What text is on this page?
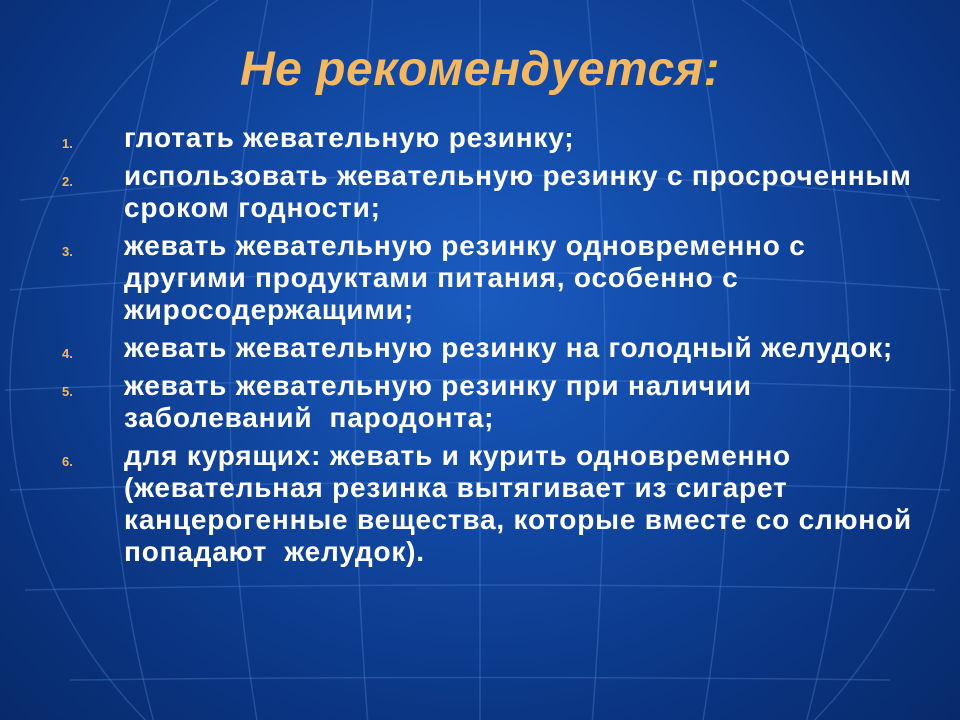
Не рекомендуется:
1.	глотать жевательную резинку;
2.	использовать жевательную резинку с просроченным  сроком годности;
3.	жевать жевательную резинку одновременно с другими продуктами питания, особенно с жиросодержащими;
4.	жевать жевательную резинку на голодный желудок;
5.	жевать жевательную резинку при наличии заболеваний  пародонта;
6.	для курящих: жевать и курить одновременно (жевательная резинка вытягивает из сигарет канцерогенные вещества, которые вместе со слюной попадают  желудок).
